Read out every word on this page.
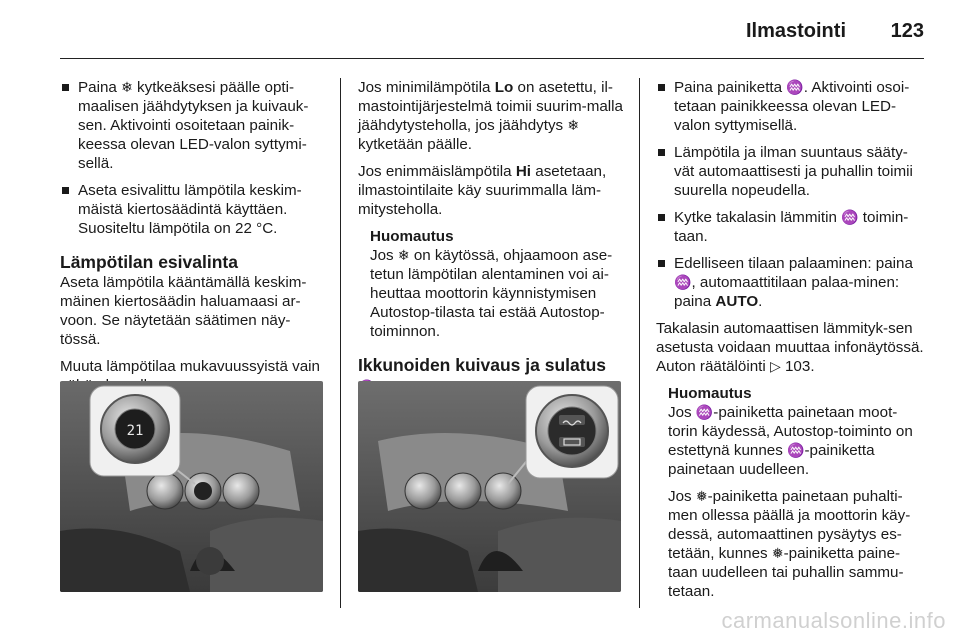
Ilmastointi 123
Paina ❄ kytkeäksesi päälle opti-maalisen jäähdytyksen ja kuivauk-sen. Aktivointi osoitetaan painik-keessa olevan LED-valon syttymi-sellä.
Aseta esivalittu lämpötila keskim-mäistä kiertosäädintä käyttäen. Suositeltu lämpötila on 22 °C.
Lämpötilan esivalinta

Aseta lämpötila kääntämällä keskim-mäinen kiertosäädin haluamaasi ar-voon. Se näytetään säätimen näy-tössä.

Muuta lämpötilaa mukavuussyistä vain

Jos minimilämpötila Lo on asetettu, il-mastointijärjestelmä toimii suurim-malla jäähdytysteholla, jos jäähdytys ❄ kytketään päälle.

Jos enimmäislämpötila Hi asetetaan, ilmastointilaite käy suurimmalla läm-mitysteholla.

Huomautus
Jos ❄ on käytössä, ohjaamoon ase-tetun lämpötilan alentaminen voi ai-heuttaa moottorin käynnistymisen Autostop-tilasta tai estää Autostop-toiminnon.
Ikkunoiden kuivaus ja sulatus
Paina painiketta ♒. Aktivointi osoi-tetaan painikkeessa olevan LED-valon syttymisellä.
Lämpötila ja ilman suuntaus sääty-vät automaattisesti ja puhallin toimii suurella nopeudella.
Kytke takalasin lämmitin ♒ toimin-taan.
Edelliseen tilaan palaaminen: paina ♒, automaattitilaan palaa-minen: paina AUTO.

Takalasin automaattisen lämmityk-sen asetusta voidaan muuttaa infonäytössä. Auton räätälöinti ▷ 103.

Huomautus

Jos ♒-painiketta painetaan moot-torin käydessä, Autostop-toiminto on estettynä kunnes ♒-painiketta painetaan uudelleen.

Jos ❅-painiketta painetaan puhalti-men ollessa päällä ja moottorin käy-dessä, automaattinen pysäytys es-tetään, kunnes ❅-painiketta paine-taan uudelleen tai puhallin sammu-tetaan.

21
carmanualsonline.info
